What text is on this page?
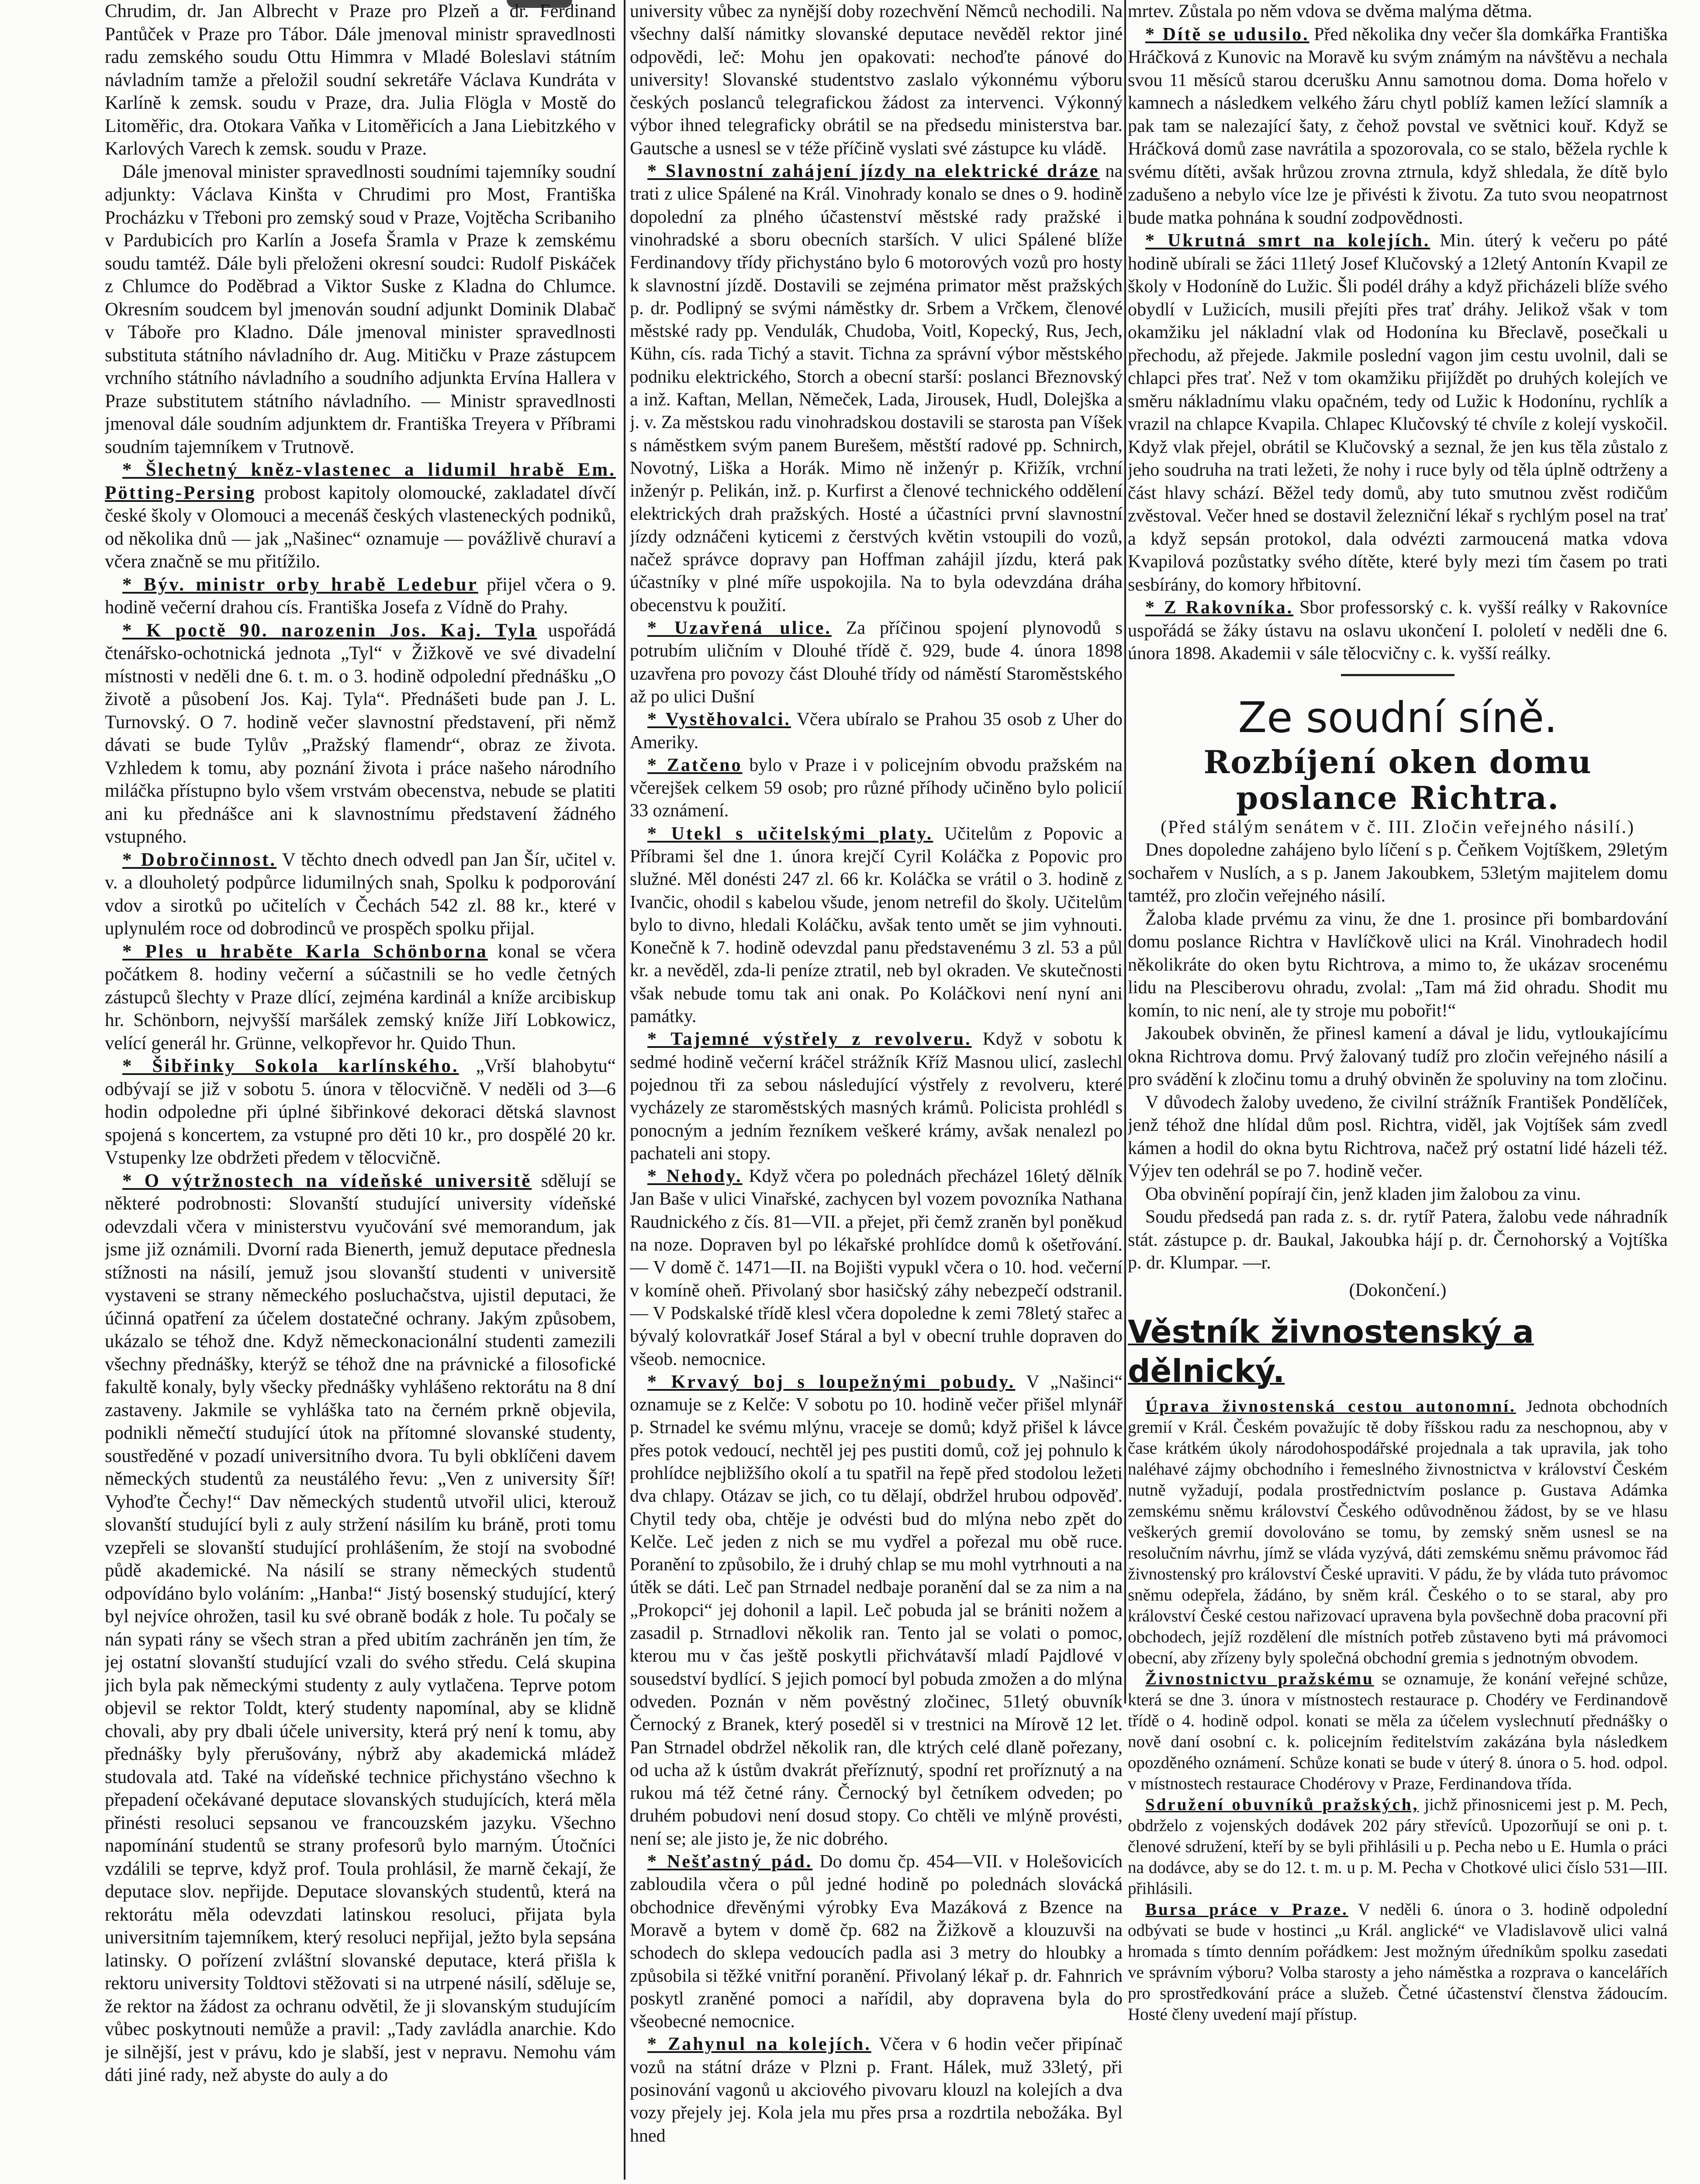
Chrudim, dr. Jan Albrecht v Praze pro Plzeň a dr. Ferdinand Pantůček v Praze pro Tábor. Dále jmenoval ministr spravedlnosti radu zemského soudu Ottu Himmra v Mladé Boleslavi státním návladním tamže a přeložil soudní sekretáře Václava Kundráta v Karlíně k zemsk. soudu v Praze, dra. Julia Flögla v Mostě do Litoměřic, dra. Otokara Vaňka v Litoměřicích a Jana Liebitzkého v Karlových Varech k zemsk. soudu v Praze.

Dále jmenoval minister spravedlnosti soudními tajemníky soudní adjunkty: Václava Kinšta v Chrudimi pro Most, Františka Procházku v Třeboni pro zemský soud v Praze, Vojtěcha Scribaniho v Pardubicích pro Karlín a Josefa Šramla v Praze k zemskému soudu tamtéž. Dále byli přeloženi okresní soudci: Rudolf Piskáček z Chlumce do Poděbrad a Viktor Suske z Kladna do Chlumce. Okresním soudcem byl jmenován soudní adjunkt Dominik Dlabač v Táboře pro Kladno. Dále jmenoval minister spravedlnosti substituta státního návladního dr. Aug. Mitičku v Praze zástupcem vrchního státního návladního a soudního adjunkta Ervína Hallera v Praze substitutem státního návladního. — Ministr spravedlnosti jmenoval dále soudním adjunktem dr. Františka Treyera v Příbrami soudním tajemníkem v Trutnově.

* Šlechetný kněz-vlastenec a lidumil hrabě Em. Pötting-Persing probost kapitoly olomoucké, zakladatel dívčí české školy v Olomouci a mecenáš českých vlasteneckých podniků, od několika dnů — jak „Našinec“ oznamuje — povážlivě churaví a včera značně se mu přitížilo.

* Býv. ministr orby hrabě Ledebur přijel včera o 9. hodině večerní drahou cís. Františka Josefa z Vídně do Prahy.

* K poctě 90. narozenin Jos. Kaj. Tyla uspořádá čtenářsko-ochotnická jednota „Tyl“ v Žižkově ve své divadelní místnosti v neděli dne 6. t. m. o 3. hodině odpolední přednášku „O životě a působení Jos. Kaj. Tyla“. Přednášeti bude pan J. L. Turnovský. O 7. hodině večer slavnostní představení, při němž dávati se bude Tylův „Pražský flamendr“, obraz ze života. Vzhledem k tomu, aby poznání života i práce našeho národního miláčka přístupno bylo všem vrstvám obecenstva, nebude se platiti ani ku přednášce ani k slavnostnímu představení žádného vstupného.

* Dobročinnost. V těchto dnech odvedl pan Jan Šír, učitel v. v. a dlouholetý podpůrce lidumilných snah, Spolku k podporování vdov a sirotků po učitelích v Čechách 542 zl. 88 kr., které v uplynulém roce od dobrodinců ve prospěch spolku přijal.

* Ples u hraběte Karla Schönborna konal se včera počátkem 8. hodiny večerní a súčastnili se ho vedle četných zástupců šlechty v Praze dlící, zejména kardinál a kníže arcibiskup hr. Schönborn, nejvyšší maršálek zemský kníže Jiří Lobkowicz, velící generál hr. Grünne, velkopřevor hr. Quido Thun.

* Šibřinky Sokola karlínského. „Vrší blahobytu“ odbývají se již v sobotu 5. února v tělocvičně. V neděli od 3—6 hodin odpoledne při úplné šibřinkové dekoraci dětská slavnost spojená s koncertem, za vstupné pro děti 10 kr., pro dospělé 20 kr. Vstupenky lze obdržeti předem v tělocvičně.

* O výtržnostech na vídeňské universitě sdělují se některé podrobnosti: Slovanští studující university vídeňské odevzdali včera v ministerstvu vyučování své memorandum, jak jsme již oznámili. Dvorní rada Bienerth, jemuž deputace přednesla stížnosti na násilí, jemuž jsou slovanští studenti v universitě vystaveni se strany německého posluchačstva, ujistil deputaci, že účinná opatření za účelem dostatečné ochrany. Jakým způsobem, ukázalo se téhož dne. Když německonacionální studenti zamezili všechny přednášky, kterýž se téhož dne na právnické a filosofické fakultě konaly, byly všecky přednášky vyhlášeno rektorátu na 8 dní zastaveny. Jakmile se vyhláška tato na černém prkně objevila, podnikli němečtí studující útok na přítomné slovanské studenty, soustředěné v pozadí universitního dvora. Tu byli obklíčeni davem německých studentů za neustálého řevu: „Ven z university Šíř! Vyhoďte Čechy!“ Dav německých studentů utvořil ulici, kterouž slovanští studující byli z auly stržení násilím ku bráně, proti tomu vzepřeli se slovanští studující prohlášením, že stojí na svobodné půdě akademické. Na násilí se strany německých studentů odpovídáno bylo voláním: „Hanba!“ Jistý bosenský studující, který byl nejvíce ohrožen, tasil ku své obraně bodák z hole. Tu počaly se nán sypati rány se všech stran a před ubitím zachráněn jen tím, že jej ostatní slovanští studující vzali do svého středu. Celá skupina jich byla pak německými studenty z auly vytlačena. Teprve potom objevil se rektor Toldt, který studenty napomínal, aby se klidně chovali, aby pry dbali účele university, která prý není k tomu, aby přednášky byly přerušovány, nýbrž aby akademická mládež studovala atd. Také na vídeňské technice přichystáno všechno k přepadení očekávané deputace slovanských studujících, která měla přinésti resoluci sepsanou ve francouzském jazyku. Všechno napomínání studentů se strany profesorů bylo marným. Útočníci vzdálili se teprve, když prof. Toula prohlásil, že marně čekají, že deputace slov. nepřijde. Deputace slovanských studentů, která na rektorátu měla odevzdati latinskou resoluci, přijata byla universitním tajemníkem, který resoluci nepřijal, ježto byla sepsána latinsky. O pořízení zvláštní slovanské deputace, která přišla k rektoru university Toldtovi stěžovati si na utrpené násilí, sděluje se, že rektor na žádost za ochranu odvětil, že ji slovanským studujícím vůbec poskytnouti nemůže a pravil: „Tady zavládla anarchie. Kdo je silnější, jest v právu, kdo je slabší, jest v nepravu. Nemohu vám dáti jiné rady, než abyste do auly a do

university vůbec za nynější doby rozechvění Němců nechodili. Na všechny další námitky slovanské deputace nevěděl rektor jiné odpovědi, leč: Mohu jen opakovati: nechoďte pánové do university! Slovanské studentstvo zaslalo výkonnému výboru českých poslanců telegrafickou žádost za intervenci. Výkonný výbor ihned telegraficky obrátil se na předsedu ministerstva bar. Gautsche a usnesl se v téže příčině vyslati své zástupce ku vládě.

* Slavnostní zahájení jízdy na elektrické dráze na trati z ulice Spálené na Král. Vinohrady konalo se dnes o 9. hodině dopolední za plného účastenství městské rady pražské i vinohradské a sboru obecních starších. V ulici Spálené blíže Ferdinandovy třídy přichystáno bylo 6 motorových vozů pro hosty k slavnostní jízdě. Dostavili se zejména primator měst pražských p. dr. Podlipný se svými náměstky dr. Srbem a Vrčkem, členové městské rady pp. Vendulák, Chudoba, Voitl, Kopecký, Rus, Jech, Kühn, cís. rada Tichý a stavit. Tichna za správní výbor městského podniku elektrického, Storch a obecní starší: poslanci Březnovský a inž. Kaftan, Mellan, Němeček, Lada, Jirousek, Hudl, Dolejška a j. v. Za městskou radu vinohradskou dostavili se starosta pan Víšek s náměstkem svým panem Burešem, městští radové pp. Schnirch, Novotný, Liška a Horák. Mimo ně inženýr p. Křižík, vrchní inženýr p. Pelikán, inž. p. Kurfirst a členové technického oddělení elektrických drah pražských. Hosté a účastníci první slavnostní jízdy odznáčeni kyticemi z čerstvých květin vstoupili do vozů, načež správce dopravy pan Hoffman zahájil jízdu, která pak účastníky v plné míře uspokojila. Na to byla odevzdána dráha obecenstvu k použití.

* Uzavřená ulice. Za příčinou spojení plynovodů s potrubím uličním v Dlouhé třídě č. 929, bude 4. února 1898 uzavřena pro povozy část Dlouhé třídy od náměstí Staroměstského až po ulici Dušní

* Vystěhovalci. Včera ubíralo se Prahou 35 osob z Uher do Ameriky.

* Zatčeno bylo v Praze i v policejním obvodu pražském na včerejšek celkem 59 osob; pro různé příhody učiněno bylo policií 33 oznámení.

* Utekl s učitelskými platy. Učitelům z Popovic a Příbrami šel dne 1. února krejčí Cyril Koláčka z Popovic pro služné. Měl donésti 247 zl. 66 kr. Koláčka se vrátil o 3. hodině z Ivančic, ohodil s kabelou všude, jenom netrefil do školy. Učitelům bylo to divno, hledali Koláčku, avšak tento umět se jim vyhnouti. Konečně k 7. hodině odevzdal panu představenému 3 zl. 53 a půl kr. a nevěděl, zda-li peníze ztratil, neb byl okraden. Ve skutečnosti však nebude tomu tak ani onak. Po Koláčkovi není nyní ani památky.

* Tajemné výstřely z revolveru. Když v sobotu k sedmé hodině večerní kráčel strážník Kříž Masnou ulicí, zaslechl pojednou tři za sebou následující výstřely z revolveru, které vycházely ze staroměstských masných krámů. Policista prohlédl s ponocným a jedním řezníkem veškeré krámy, avšak nenalezl po pachateli ani stopy.

* Nehody. Když včera po polednách přecházel 16letý dělník Jan Baše v ulici Vinařské, zachycen byl vozem povozníka Nathana Raudnického z čís. 81—VII. a přejet, při čemž zraněn byl poněkud na noze. Dopraven byl po lékařské prohlídce domů k ošetřování. — V domě č. 1471—II. na Bojišti vypukl včera o 10. hod. večerní v komíně oheň. Přivolaný sbor hasičský záhy nebezpečí odstranil. — V Podskalské třídě klesl včera dopoledne k zemi 78letý stařec a bývalý kolovratkář Josef Stáral a byl v obecní truhle dopraven do všeob. nemocnice.

* Krvavý boj s loupežnými pobudy. V „Našinci“ oznamuje se z Kelče: V sobotu po 10. hodině večer přišel mlynář p. Strnadel ke svému mlýnu, vraceje se domů; když přišel k lávce přes potok vedoucí, nechtěl jej pes pustiti domů, což jej pohnulo k prohlídce nejbližšího okolí a tu spatřil na řepě před stodolou ležeti dva chlapy. Otázav se jich, co tu dělají, obdržel hrubou odpověď. Chytil tedy oba, chtěje je odvésti bud do mlýna nebo zpět do Kelče. Leč jeden z nich se mu vydřel a pořezal mu obě ruce. Poranění to způsobilo, že i druhý chlap se mu mohl vytrhnouti a na útěk se dáti. Leč pan Strnadel nedbaje poranění dal se za nim a na „Prokopci“ jej dohonil a lapil. Leč pobuda jal se brániti nožem a zasadil p. Strnadlovi několik ran. Tento jal se volati o pomoc, kterou mu v čas ještě poskytli přichvátavší mladí Pajdlové v sousedství bydlící. S jejich pomocí byl pobuda zmožen a do mlýna odveden. Poznán v něm pověstný zločinec, 51letý obuvník Černocký z Branek, který poseděl si v trestnici na Mírově 12 let. Pan Strnadel obdržel několik ran, dle ktrých celé dlaně pořezany, od ucha až k ústům dvakrát přeříznutý, spodní ret proříznutý a na rukou má též četné rány. Černocký byl četníkem odveden; po druhém pobudovi není dosud stopy. Co chtěli ve mlýně provésti, není se; ale jisto je, že nic dobrého.

* Nešťastný pád. Do domu čp. 454—VII. v Holešovicích zabloudila včera o půl jedné hodině po polednách slovácká obchodnice dřevěnými výrobky Eva Mazáková z Bzence na Moravě a bytem v domě čp. 682 na Žižkově a klouzuvši na schodech do sklepa vedoucích padla asi 3 metry do hloubky a způsobila si těžké vnitřní poranění. Přivolaný lékař p. dr. Fahnrich poskytl zraněné pomoci a nařídil, aby dopravena byla do všeobecné nemocnice.

* Zahynul na kolejích. Včera v 6 hodin večer připínač vozů na státní dráze v Plzni p. Frant. Hálek, muž 33letý, při posinování vagonů u akciového pivovaru klouzl na kolejích a dva vozy přejely jej. Kola jela mu přes prsa a rozdrtila nebožáka. Byl hned

mrtev. Zůstala po něm vdova se dvěma malýma dětma.

* Dítě se udusilo. Před několika dny večer šla domkářka Františka Hráčková z Kunovic na Moravě ku svým známým na návštěvu a nechala svou 11 měsíců starou dcerušku Annu samotnou doma. Doma hořelo v kamnech a následkem velkého žáru chytl poblíž kamen ležící slamník a pak tam se nalezající šaty, z čehož povstal ve světnici kouř. Když se Hráčková domů zase navrátila a spozorovala, co se stalo, běžela rychle k svému dítěti, avšak hrůzou zrovna ztrnula, když shledala, že dítě bylo zadušeno a nebylo více lze je přivésti k životu. Za tuto svou neopatrnost bude matka pohnána k soudní zodpovědnosti.

* Ukrutná smrt na kolejích. Min. úterý k večeru po páté hodině ubírali se žáci 11letý Josef Klučovský a 12letý Antonín Kvapil ze školy v Hodoníně do Lužic. Šli podél dráhy a když přicházeli blíže svého obydlí v Lužicích, musili přejíti přes trať dráhy. Jelikož však v tom okamžiku jel nákladní vlak od Hodonína ku Břeclavě, posečkali u přechodu, až přejede. Jakmile poslední vagon jim cestu uvolnil, dali se chlapci přes trať. Než v tom okamžiku přijíždět po druhých kolejích ve směru nákladnímu vlaku opačném, tedy od Lužic k Hodonínu, rychlík a vrazil na chlapce Kvapila. Chlapec Klučovský té chvíle z kolejí vyskočil. Když vlak přejel, obrátil se Klučovský a seznal, že jen kus těla zůstalo z jeho soudruha na trati ležeti, že nohy i ruce byly od těla úplně odtrženy a část hlavy schází. Běžel tedy domů, aby tuto smutnou zvěst rodičům zvěstoval. Večer hned se dostavil železniční lékař s rychlým posel na trať a když sepsán protokol, dala odvézti zarmoucená matka vdova Kvapilová pozůstatky svého dítěte, které byly mezi tím časem po trati sesbírány, do komory hřbitovní.

* Z Rakovníka. Sbor professorský c. k. vyšší reálky v Rakovníce uspořádá se žáky ústavu na oslavu ukončení I. pololetí v neděli dne 6. února 1898. Akademii v sále tělocvičny c. k. vyšší reálky.

Ze soudní síně.
Rozbíjení oken domu poslance Richtra.
(Před stálým senátem v č. III. Zločin veřejného násilí.)

Dnes dopoledne zahájeno bylo líčení s p. Čeňkem Vojtíškem, 29letým sochařem v Nuslích, a s p. Janem Jakoubkem, 53letým majitelem domu tamtéž, pro zločin veřejného násilí.

Žaloba klade prvému za vinu, že dne 1. prosince při bombardování domu poslance Richtra v Havlíčkově ulici na Král. Vinohradech hodil několikráte do oken bytu Richtrova, a mimo to, že ukázav srocenému lidu na Plesciberovu ohradu, zvolal: „Tam má žid ohradu. Shodit mu komín, to nic není, ale ty stroje mu pobořit!“

Jakoubek obviněn, že přinesl kamení a dával je lidu, vytloukajícímu okna Richtrova domu. Prvý žalovaný tudíž pro zločin veřejného násilí a pro svádění k zločinu tomu a druhý obviněn že spoluviny na tom zločinu.

V důvodech žaloby uvedeno, že civilní strážník František Pondělíček, jenž téhož dne hlídal dům posl. Richtra, viděl, jak Vojtíšek sám zvedl kámen a hodil do okna bytu Richtrova, načež prý ostatní lidé házeli též. Výjev ten odehrál se po 7. hodině večer.

Oba obvinění popírají čin, jenž kladen jim žalobou za vinu.

Soudu předsedá pan rada z. s. dr. rytíř Patera, žalobu vede náhradník stát. zástupce p. dr. Baukal, Jakoubka hájí p. dr. Černohorský a Vojtíška p. dr. Klumpar. —r.

(Dokončení.)
Věstník živnostenský a dělnický.

Úprava živnostenská cestou autonomní. Jednota obchodních gremií v Král. Českém považujíc tě doby říšskou radu za neschopnou, aby v čase krátkém úkoly národohospodářské projednala a tak upravila, jak toho naléhavé zájmy obchodního i řemeslného živnostnictva v království Českém nutně vyžadují, podala prostřednictvím poslance p. Gustava Adámka zemskému sněmu království Českého odůvodněnou žádost, by se ve hlasu veškerých gremií dovolováno se tomu, by zemský sněm usnesl se na resolučním návrhu, jímž se vláda vyzývá, dáti zemskému sněmu právomoc řád živnostenský pro království České upraviti. V pádu, že by vláda tuto právomoc sněmu odepřela, žádáno, by sněm král. Českého o to se staral, aby pro království České cestou nařizovací upravena byla povšechně doba pracovní při obchodech, jejíž rozdělení dle místních potřeb zůstaveno byti má právomoci obecní, aby zřízeny byly společná obchodní gremia s jednotným obvodem.

Živnostnictvu pražskému se oznamuje, že konání veřejné schůze, která se dne 3. února v místnostech restaurace p. Chodéry ve Ferdinandově třídě o 4. hodině odpol. konati se měla za účelem vyslechnutí přednášky o nově daní osobní c. k. policejním ředitelstvím zakázána byla následkem opozděného oznámení. Schůze konati se bude v úterý 8. února o 5. hod. odpol. v místnostech restaurace Chodérovy v Praze, Ferdinandova třída.

Sdružení obuvníků pražských, jichž přinosnicemi jest p. M. Pech, obdrželo z vojenských dodávek 202 páry střevíců. Upozorňují se oni p. t. členové sdružení, kteří by se byli přihlásili u p. Pecha nebo u E. Humla o práci na dodávce, aby se do 12. t. m. u p. M. Pecha v Chotkové ulici číslo 531—III. přihlásili.

Bursa práce v Praze. V neděli 6. února o 3. hodině odpolední odbývati se bude v hostinci „u Král. anglické“ ve Vladislavově ulici valná hromada s tímto denním pořádkem: Jest možným úředníkům spolku zasedati ve správním výboru? Volba starosty a jeho náměstka a rozprava o kancelářích pro sprostředkování práce a služeb. Četné účastenství členstva žádoucím. Hosté členy uvedení mají přístup.
